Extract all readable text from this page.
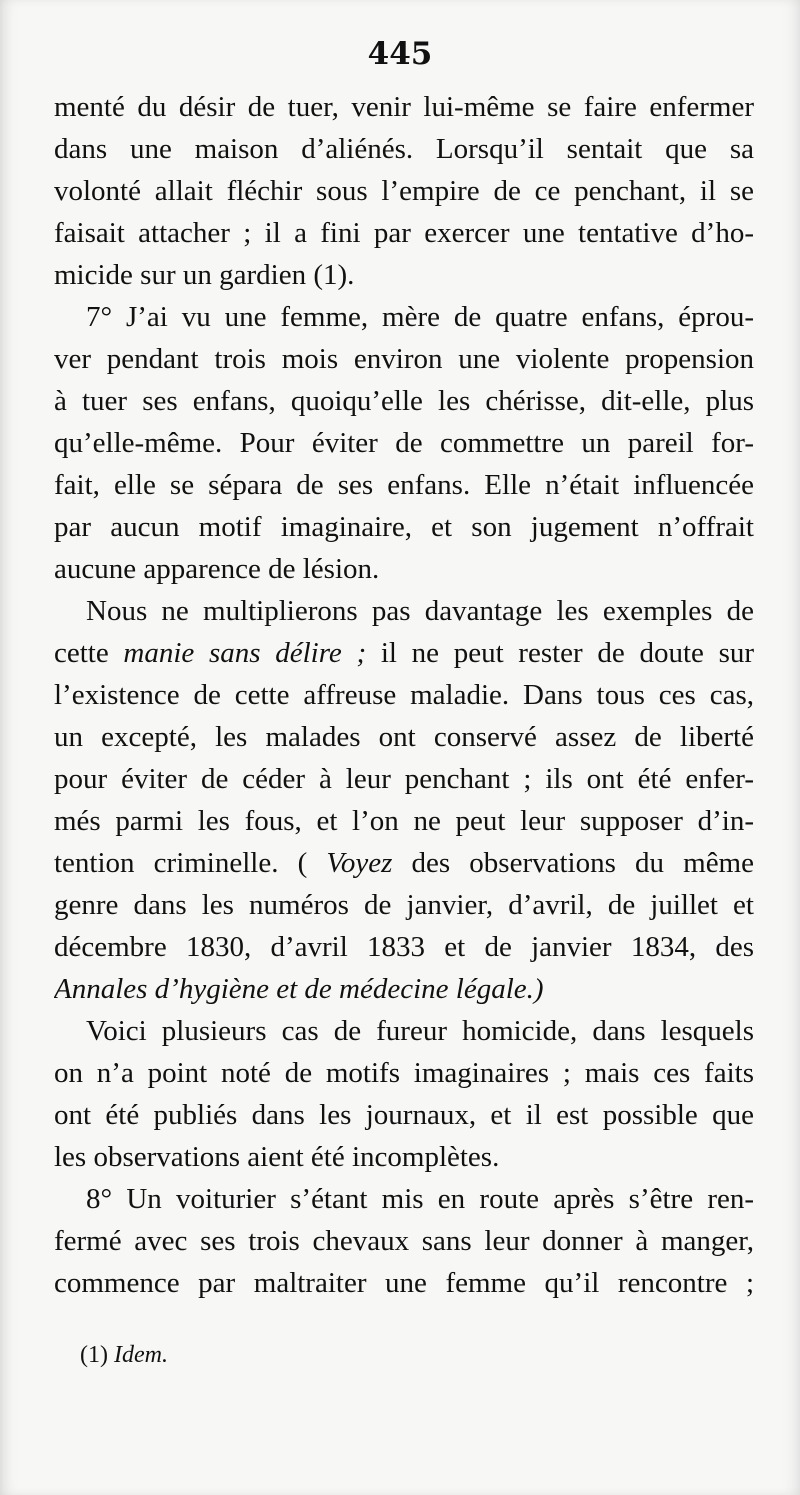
445
menté du désir de tuer, venir lui-même se faire enfermer
dans une maison d’aliénés. Lorsqu’il sentait que sa
volonté allait fléchir sous l’empire de ce penchant, il se
faisait attacher ; il a fini par exercer une tentative d’ho-
micide sur un gardien (1).
7° J’ai vu une femme, mère de quatre enfans, éprou-
ver pendant trois mois environ une violente propension
à tuer ses enfans, quoiqu’elle les chérisse, dit-elle, plus
qu’elle-même. Pour éviter de commettre un pareil for-
fait, elle se sépara de ses enfans. Elle n’était influencée
par aucun motif imaginaire, et son jugement n’offrait
aucune apparence de lésion.
Nous ne multiplierons pas davantage les exemples de
cette manie sans délire ; il ne peut rester de doute sur
l’existence de cette affreuse maladie. Dans tous ces cas,
un excepté, les malades ont conservé assez de liberté
pour éviter de céder à leur penchant ; ils ont été enfer-
més parmi les fous, et l’on ne peut leur supposer d’in-
tention criminelle. ( Voyez des observations du même
genre dans les numéros de janvier, d’avril, de juillet et
décembre 1830, d’avril 1833 et de janvier 1834, des
Annales d’hygiène et de médecine légale.)
Voici plusieurs cas de fureur homicide, dans lesquels
on n’a point noté de motifs imaginaires ; mais ces faits
ont été publiés dans les journaux, et il est possible que
les observations aient été incomplètes.
8° Un voiturier s’étant mis en route après s’être ren-
fermé avec ses trois chevaux sans leur donner à manger,
commence par maltraiter une femme qu’il rencontre ;
(1) Idem.
